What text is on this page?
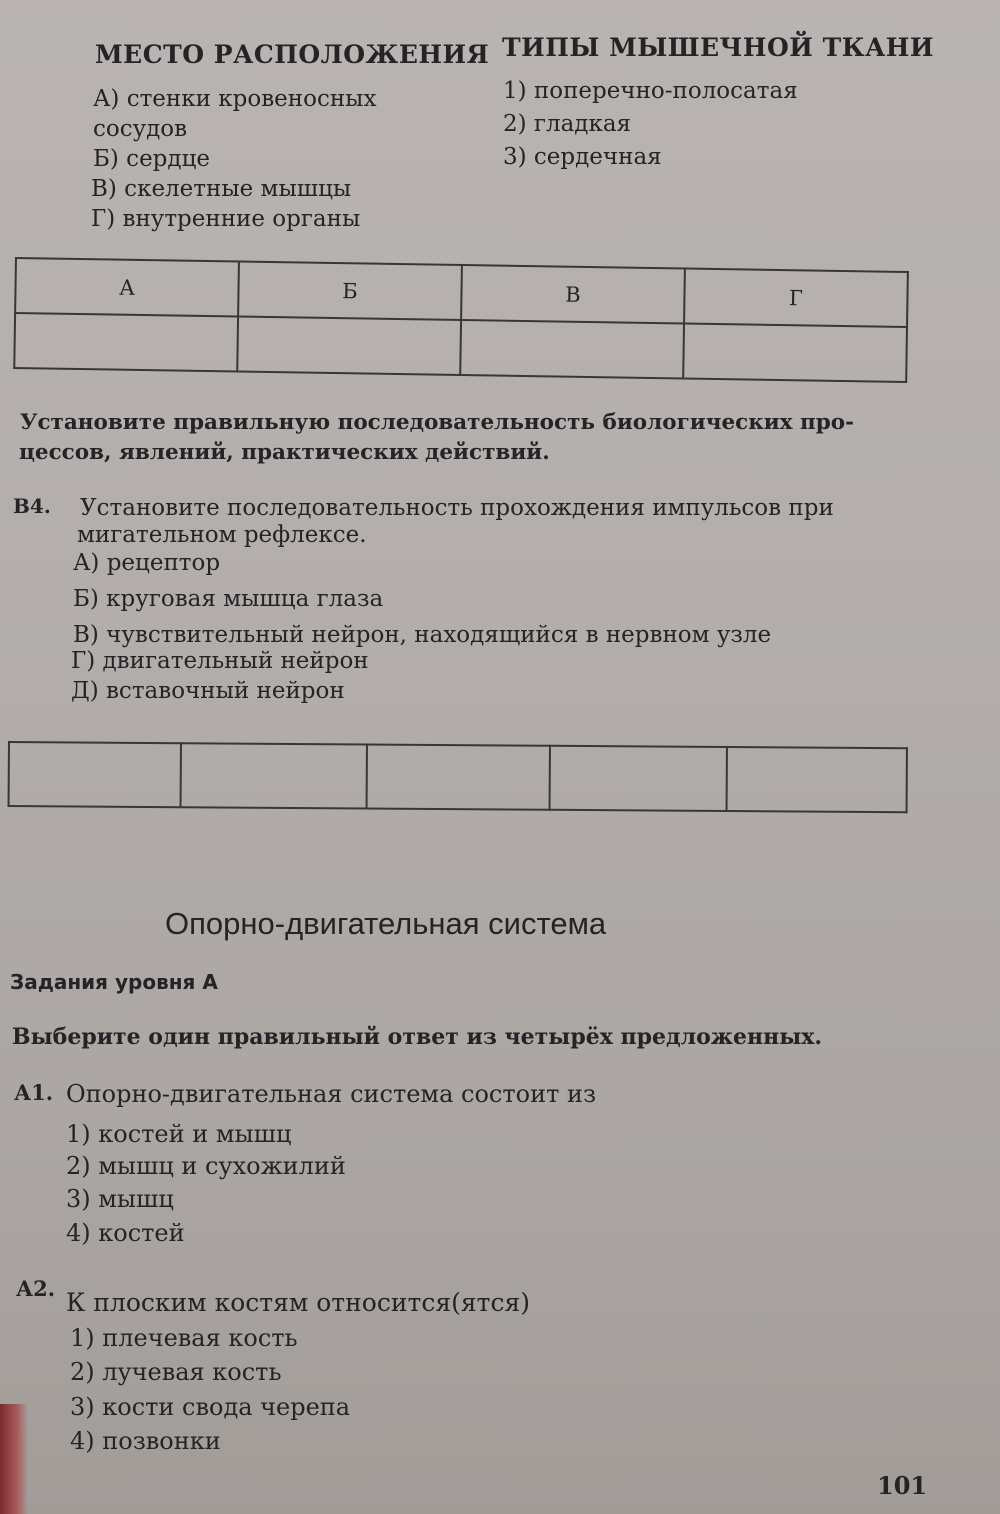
МЕСТО РАСПОЛОЖЕНИЯ ТИПЫ МЫШЕЧНОЙ ТКАНИ
А) стенки кровеносных
сосудов
Б) сердце
В) скелетные мышцы
Г) внутренние органы
1) поперечно-полосатая
2) гладкая
3) сердечная
А	Б	В	Г

Установите правильную последовательность биологических про-
цессов, явлений, практических действий.
В4. Установите последовательность прохождения импульсов при
мигательном рефлексе.
А) рецептор
Б) круговая мышца глаза
В) чувствительный нейрон, находящийся в нервном узле
Г) двигательный нейрон
Д) вставочный нейрон

Опорно-двигательная система
Задания уровня А
Выберите один правильный ответ из четырёх предложенных.
А1. Опорно-двигательная система состоит из
1) костей и мышц
2) мышц и сухожилий
3) мышц
4) костей
А2. К плоским костям относится(ятся)
1) плечевая кость
2) лучевая кость
3) кости свода черепа
4) позвонки
101
